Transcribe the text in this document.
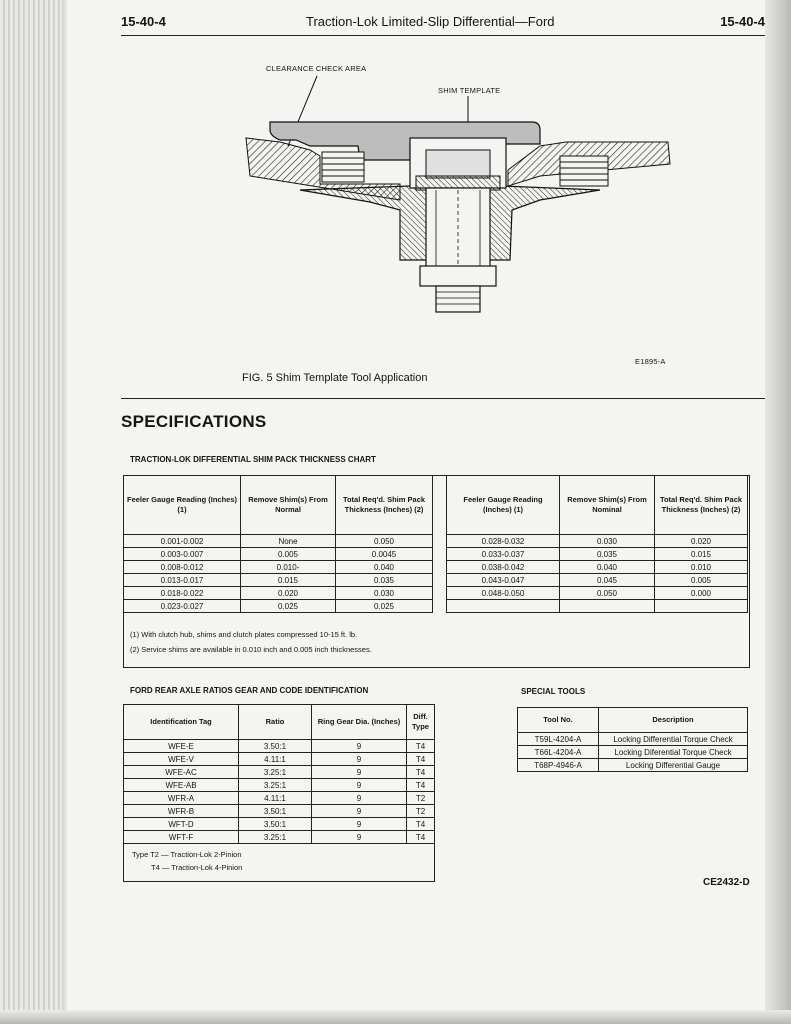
15-40-4	Traction-Lok Limited-Slip Differential—Ford	15-40-4
CLEARANCE CHECK AREA
SHIM TEMPLATE
E1895-A
FIG. 5 Shim Template Tool Application
SPECIFICATIONS
TRACTION-LOK DIFFERENTIAL SHIM PACK THICKNESS CHART
Feeler Gauge Reading (Inches) (1)	Remove Shim(s) From Normal	Total Req'd. Shim Pack Thickness (Inches) (2)
0.001-0.002	None	0.050
0.003-0.007	0.005	0.0045
0.008-0.012	0.010-	0.040
0.013-0.017	0.015	0.035
0.018-0.022	0.020	0.030
0.023-0.027	0.025	0.025
Feeler Gauge Reading (Inches) (1)	Remove Shim(s) From Nominal	Total Req'd. Shim Pack Thickness (Inches) (2)
0.028-0.032	0.030	0.020
0.033-0.037	0.035	0.015
0.038-0.042	0.040	0.010
0.043-0.047	0.045	0.005
0.048-0.050	0.050	0.000

(1) With clutch hub, shims and clutch plates compressed 10-15 ft. lb.
(2) Service shims are available in 0.010 inch and 0.005 inch thicknesses.
FORD REAR AXLE RATIOS GEAR AND CODE IDENTIFICATION
Identification Tag	Ratio	Ring Gear Dia. (Inches)	Diff. Type
WFE-E	3.50:1	9	T4
WFE-V	4.11:1	9	T4
WFE-AC	3.25:1	9	T4
WFE-AB	3.25:1	9	T4
WFR-A	4.11:1	9	T2
WFR-B	3.50:1	9	T2
WFT-D	3.50:1	9	T4
WFT-F	3.25:1	9	T4
Type T2 — Traction-Lok 2-Pinion
T4 — Traction-Lok 4-Pinion
SPECIAL TOOLS
Tool No.	Description
T59L-4204-A	Locking Differential Torque Check
T66L-4204-A	Locking Diferential Torque Check
T68P-4946-A	Locking Differential Gauge
CE2432-D
